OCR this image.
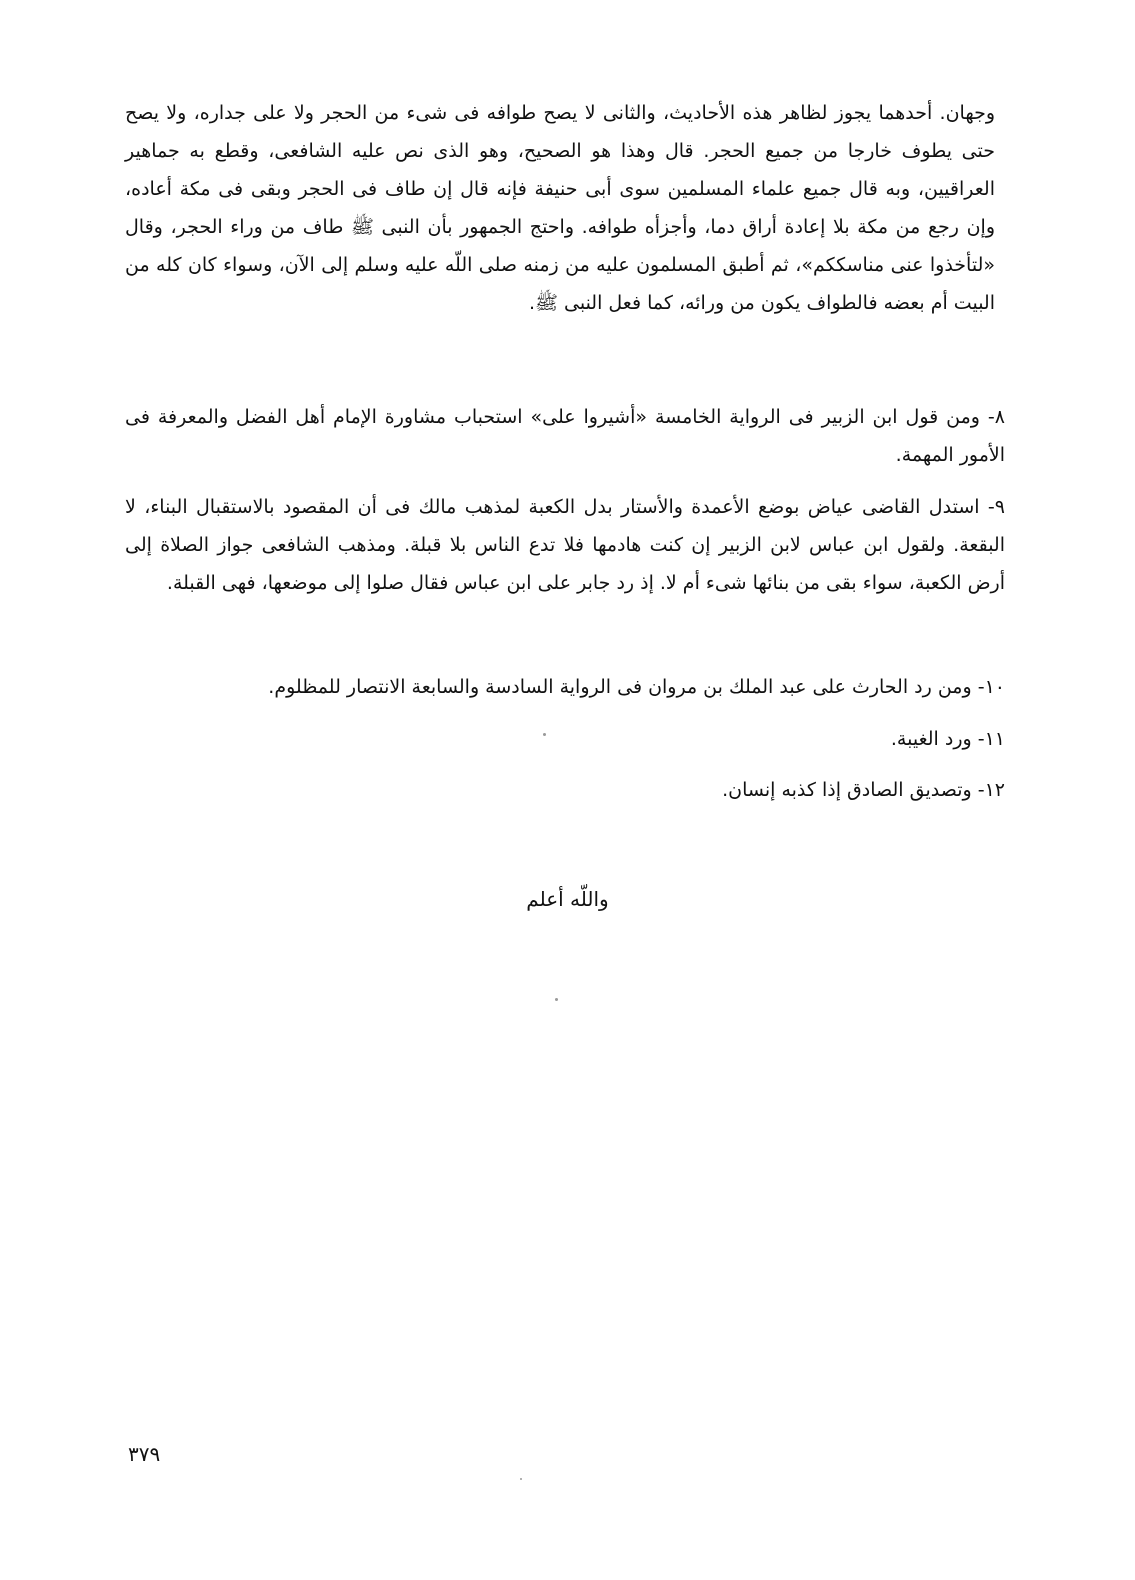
وجهان. أحدهما يجوز لظاهر هذه الأحاديث، والثانى لا يصح طوافه فى شىء من الحجر ولا على جداره، ولا يصح حتى يطوف خارجا من جميع الحجر. قال وهذا هو الصحيح، وهو الذى نص عليه الشافعى، وقطع به جماهير العراقيين، وبه قال جميع علماء المسلمين سوى أبى حنيفة فإنه قال إن طاف فى الحجر وبقى فى مكة أعاده، وإن رجع من مكة بلا إعادة أراق دما، وأجزأه طوافه. واحتج الجمهور بأن النبى ﷺ طاف من وراء الحجر، وقال «لتأخذوا عنى مناسككم»، ثم أطبق المسلمون عليه من زمنه صلى اللّه عليه وسلم إلى الآن، وسواء كان كله من البيت أم بعضه فالطواف يكون من ورائه، كما فعل النبى ﷺ.

٨- ومن قول ابن الزبير فى الرواية الخامسة «أشيروا على» استحباب مشاورة الإمام أهل الفضل والمعرفة فى الأمور المهمة.

٩- استدل القاضى عياض بوضع الأعمدة والأستار بدل الكعبة لمذهب مالك فى أن المقصود بالاستقبال البناء، لا البقعة. ولقول ابن عباس لابن الزبير إن كنت هادمها فلا تدع الناس بلا قبلة. ومذهب الشافعى جواز الصلاة إلى أرض الكعبة، سواء بقى من بنائها شىء أم لا. إذ رد جابر على ابن عباس فقال صلوا إلى موضعها، فهى القبلة.

١٠- ومن رد الحارث على عبد الملك بن مروان فى الرواية السادسة والسابعة الانتصار للمظلوم.

١١- ورد الغيبة.

١٢- وتصديق الصادق إذا كذبه إنسان.

واللّه أعلم

٣٧٩
